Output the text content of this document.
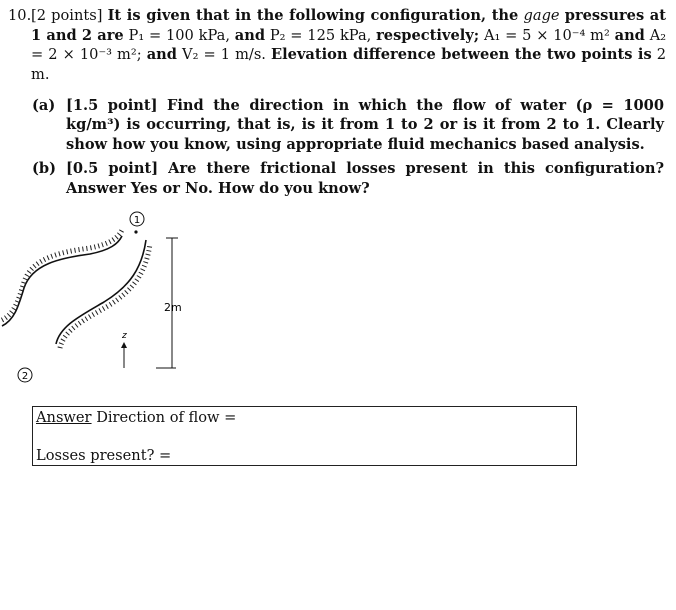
10. [2 points] It is given that in the following configuration, the gage pressures at 1 and 2 are P₁ = 100 kPa, and P₂ = 125 kPa, respectively; A₁ = 5 × 10⁻⁴ m² and A₂ = 2 × 10⁻³ m²; and V₂ = 1 m/s. Elevation difference between the two points is 2 m.
(a) [1.5 point] Find the direction in which the flow of water (ρ = 1000 kg/m³) is occurring, that is, is it from 1 to 2 or is it from 2 to 1. Clearly show how you know, using appropriate fluid mechanics based analysis.
(b) [0.5 point] Are there frictional losses present in this configuration? Answer Yes or No. How do you know?
1
2
2m
z
Answer Direction of flow =
Losses present? =
